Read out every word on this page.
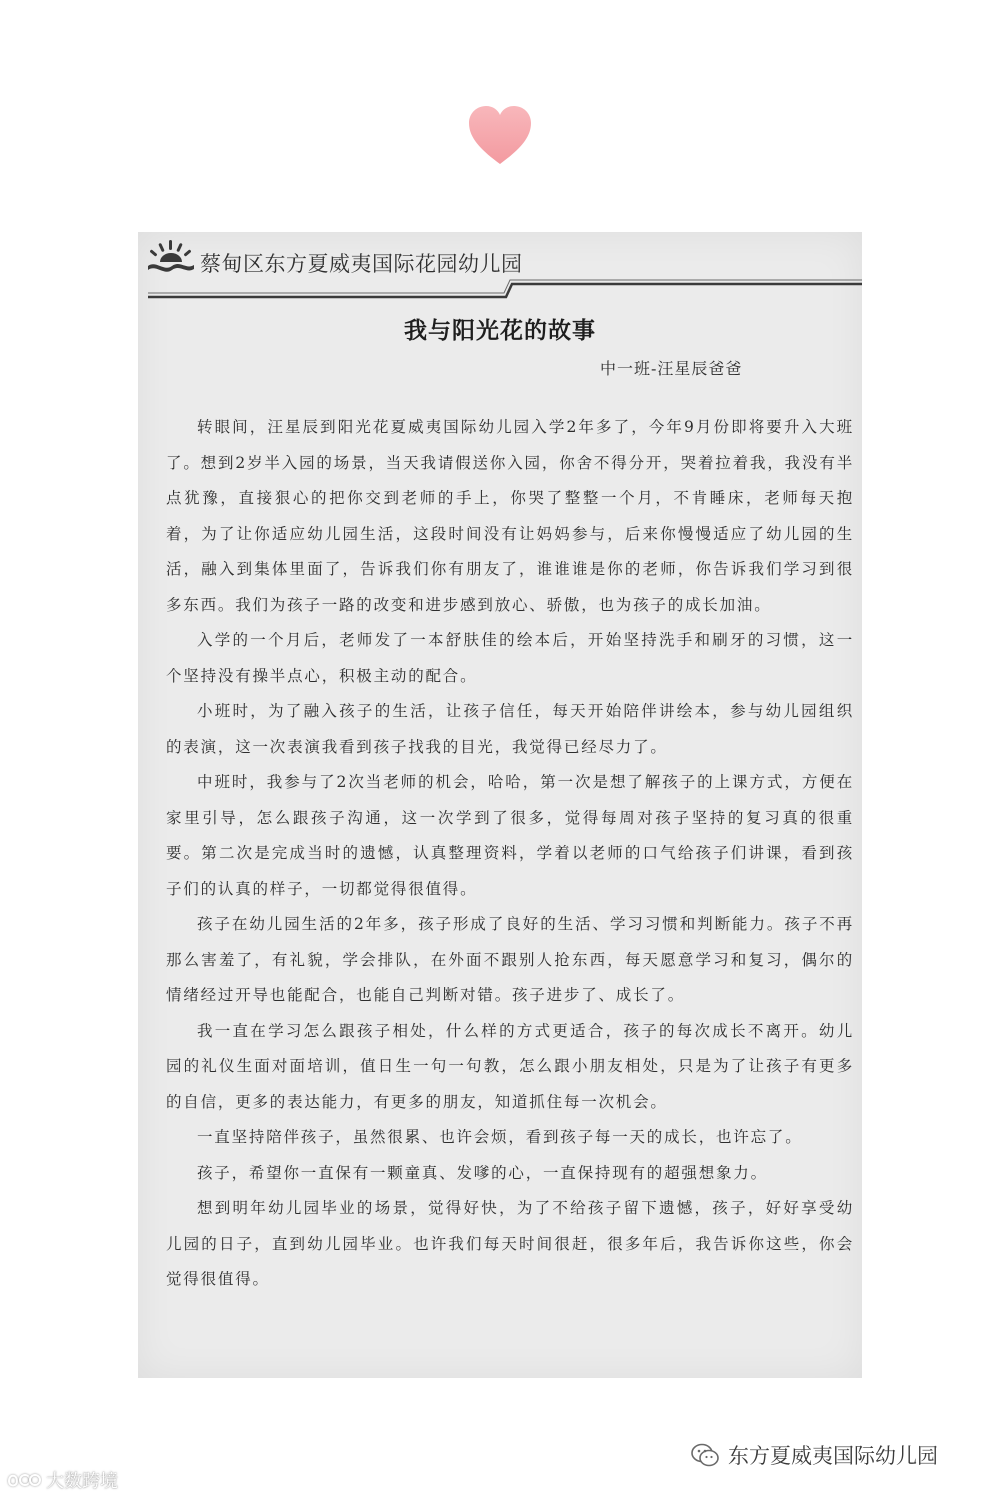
蔡甸区东方夏威夷国际花园幼儿园
我与阳光花的故事
中一班-汪星辰爸爸

转眼间，汪星辰到阳光花夏威夷国际幼儿园入学2年多了，今年9月份即将要升入大班了。想到2岁半入园的场景，当天我请假送你入园，你舍不得分开，哭着拉着我，我没有半点犹豫，直接狠心的把你交到老师的手上，你哭了整整一个月，不肯睡床，老师每天抱着，为了让你适应幼儿园生活，这段时间没有让妈妈参与，后来你慢慢适应了幼儿园的生活，融入到集体里面了，告诉我们你有朋友了，谁谁谁是你的老师，你告诉我们学习到很多东西。我们为孩子一路的改变和进步感到放心、骄傲，也为孩子的成长加油。

入学的一个月后，老师发了一本舒肤佳的绘本后，开始坚持洗手和刷牙的习惯，这一个坚持没有操半点心，积极主动的配合。

小班时，为了融入孩子的生活，让孩子信任，每天开始陪伴讲绘本，参与幼儿园组织的表演，这一次表演我看到孩子找我的目光，我觉得已经尽力了。

中班时，我参与了2次当老师的机会，哈哈，第一次是想了解孩子的上课方式，方便在家里引导，怎么跟孩子沟通，这一次学到了很多，觉得每周对孩子坚持的复习真的很重要。第二次是完成当时的遗憾，认真整理资料，学着以老师的口气给孩子们讲课，看到孩子们的认真的样子，一切都觉得很值得。

孩子在幼儿园生活的2年多，孩子形成了良好的生活、学习习惯和判断能力。孩子不再那么害羞了，有礼貌，学会排队，在外面不跟别人抢东西，每天愿意学习和复习，偶尔的情绪经过开导也能配合，也能自己判断对错。孩子进步了、成长了。

我一直在学习怎么跟孩子相处，什么样的方式更适合，孩子的每次成长不离开。幼儿园的礼仪生面对面培训，值日生一句一句教，怎么跟小朋友相处，只是为了让孩子有更多的自信，更多的表达能力，有更多的朋友，知道抓住每一次机会。

一直坚持陪伴孩子，虽然很累、也许会烦，看到孩子每一天的成长，也许忘了。

孩子，希望你一直保有一颗童真、发嗲的心，一直保持现有的超强想象力。

想到明年幼儿园毕业的场景，觉得好快，为了不给孩子留下遗憾，孩子，好好享受幼儿园的日子，直到幼儿园毕业。也许我们每天时间很赶，很多年后，我告诉你这些，你会觉得很值得。

东方夏威夷国际幼儿园
大数跨境
